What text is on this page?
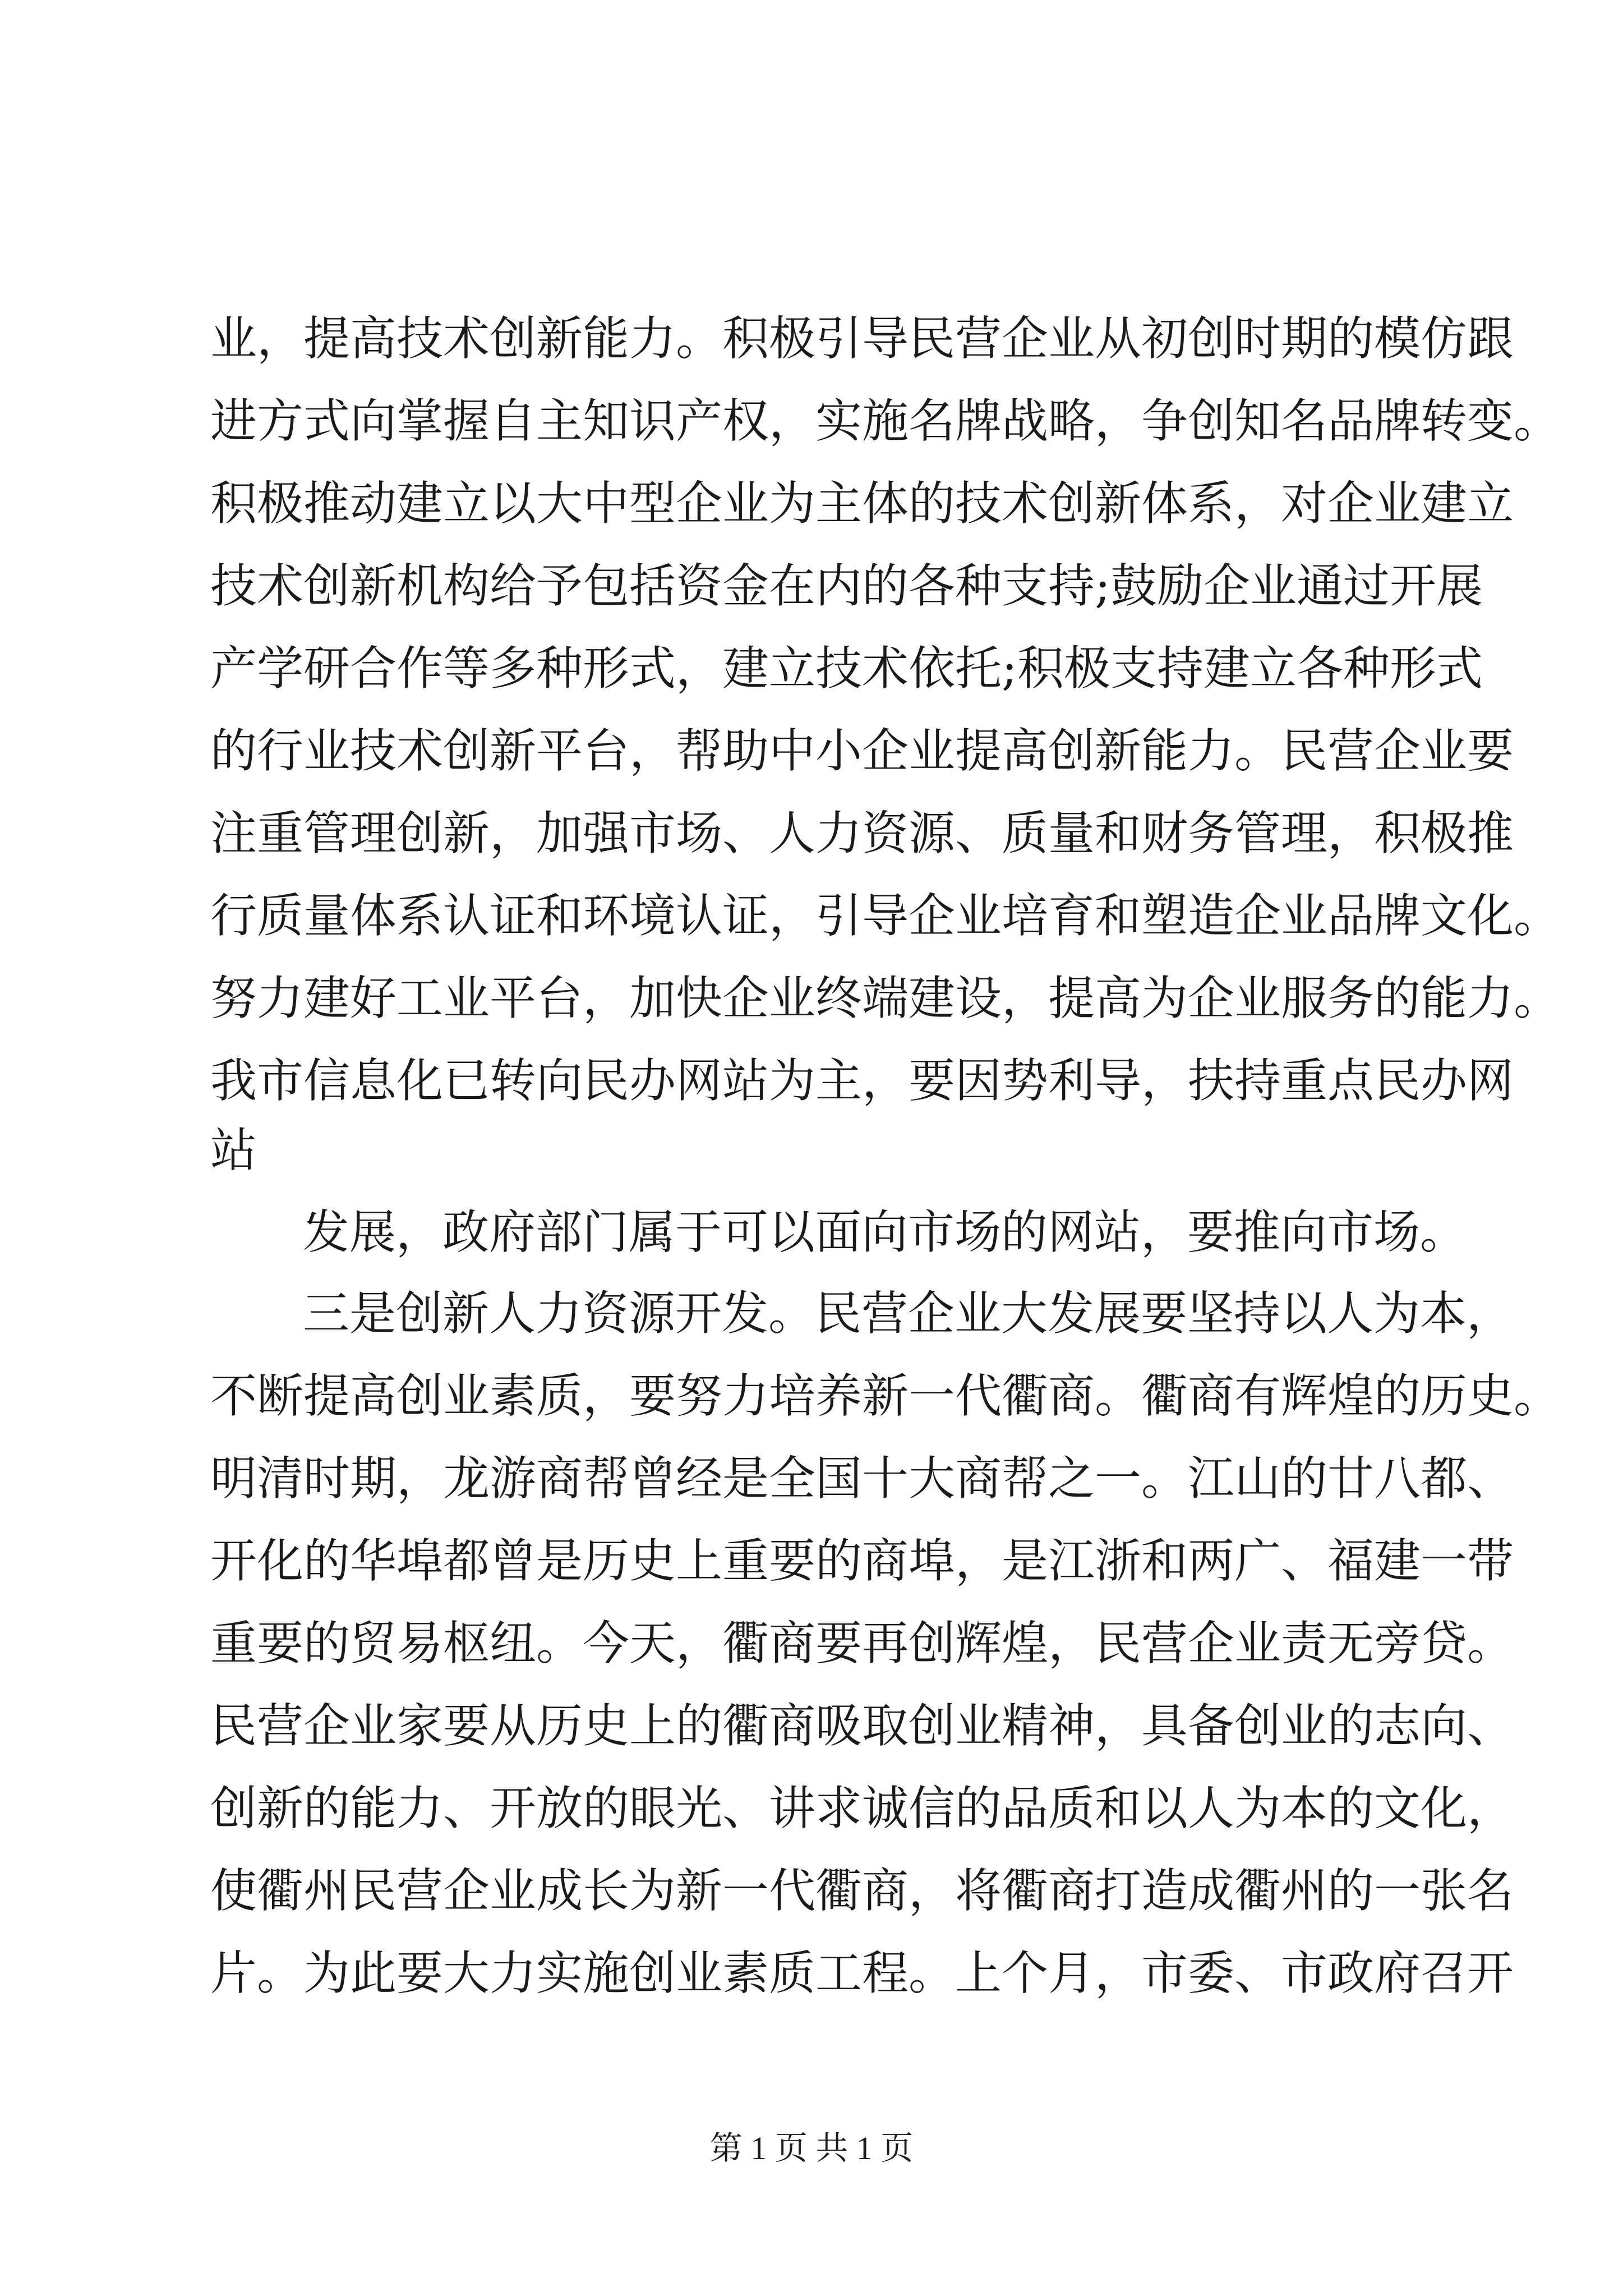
业，提高技术创新能力。积极引导民营企业从初创时期的模仿跟
进方式向掌握自主知识产权，实施名牌战略，争创知名品牌转变。
积极推动建立以大中型企业为主体的技术创新体系，对企业建立
技术创新机构给予包括资金在内的各种支持;鼓励企业通过开展
产学研合作等多种形式，建立技术依托;积极支持建立各种形式
的行业技术创新平台，帮助中小企业提高创新能力。民营企业要
注重管理创新，加强市场、人力资源、质量和财务管理，积极推
行质量体系认证和环境认证，引导企业培育和塑造企业品牌文化。
努力建好工业平台，加快企业终端建设，提高为企业服务的能力。
我市信息化已转向民办网站为主，要因势利导，扶持重点民办网
站
发展，政府部门属于可以面向市场的网站，要推向市场。
三是创新人力资源开发。民营企业大发展要坚持以人为本，
不断提高创业素质，要努力培养新一代衢商。衢商有辉煌的历史。
明清时期，龙游商帮曾经是全国十大商帮之一。江山的廿八都、
开化的华埠都曾是历史上重要的商埠，是江浙和两广、福建一带
重要的贸易枢纽。今天，衢商要再创辉煌，民营企业责无旁贷。
民营企业家要从历史上的衢商吸取创业精神，具备创业的志向、
创新的能力、开放的眼光、讲求诚信的品质和以人为本的文化，
使衢州民营企业成长为新一代衢商，将衢商打造成衢州的一张名
片。为此要大力实施创业素质工程。上个月，市委、市政府召开
第 1 页 共 1 页
